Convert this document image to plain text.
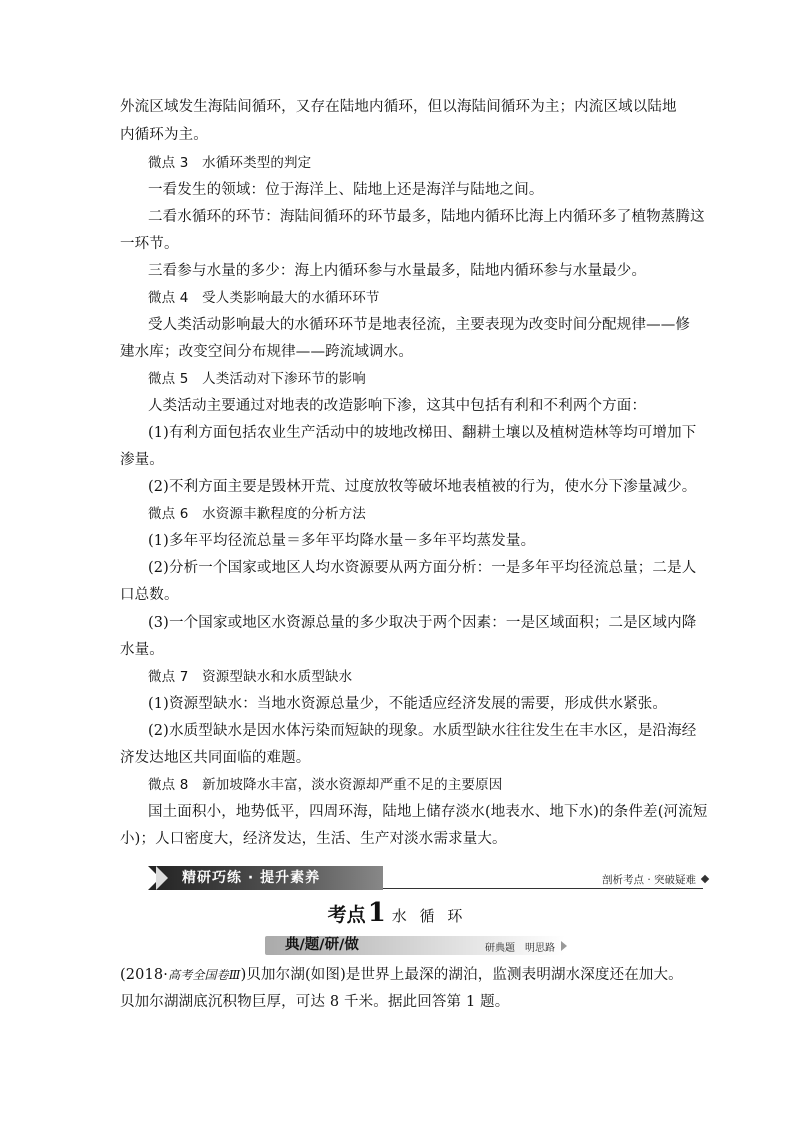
外流区域发生海陆间循环，又存在陆地内循环，但以海陆间循环为主；内流区域以陆地
内循环为主。
微点 3　水循环类型的判定
一看发生的领域：位于海洋上、陆地上还是海洋与陆地之间。
二看水循环的环节：海陆间循环的环节最多，陆地内循环比海上内循环多了植物蒸腾这
一环节。
三看参与水量的多少：海上内循环参与水量最多，陆地内循环参与水量最少。
微点 4　受人类影响最大的水循环环节
受人类活动影响最大的水循环环节是地表径流，主要表现为改变时间分配规律——修
建水库；改变空间分布规律——跨流域调水。
微点 5　人类活动对下渗环节的影响
人类活动主要通过对地表的改造影响下渗，这其中包括有利和不利两个方面：
(1)有利方面包括农业生产活动中的坡地改梯田、翻耕土壤以及植树造林等均可增加下
渗量。
(2)不利方面主要是毁林开荒、过度放牧等破坏地表植被的行为，使水分下渗量减少。
微点 6　水资源丰歉程度的分析方法
(1)多年平均径流总量＝多年平均降水量－多年平均蒸发量。
(2)分析一个国家或地区人均水资源要从两方面分析：一是多年平均径流总量；二是人
口总数。
(3)一个国家或地区水资源总量的多少取决于两个因素：一是区域面积；二是区域内降
水量。
微点 7　资源型缺水和水质型缺水
(1)资源型缺水：当地水资源总量少，不能适应经济发展的需要，形成供水紧张。
(2)水质型缺水是因水体污染而短缺的现象。水质型缺水往往发生在丰水区，是沿海经
济发达地区共同面临的难题。
微点 8　新加坡降水丰富，淡水资源却严重不足的主要原因
国土面积小，地势低平，四周环海，陆地上储存淡水(地表水、地下水)的条件差(河流短
小)；人口密度大，经济发达，生活、生产对淡水需求量大。
精研巧练 · 提升素养	剖析考点 · 突破疑难
考点1 水 循 环
典/题/研/做	研典题　明思路
(2018·高考全国卷Ⅲ)贝加尔湖(如图)是世界上最深的湖泊，监测表明湖水深度还在加大。
贝加尔湖湖底沉积物巨厚，可达 8 千米。据此回答第 1 题。
